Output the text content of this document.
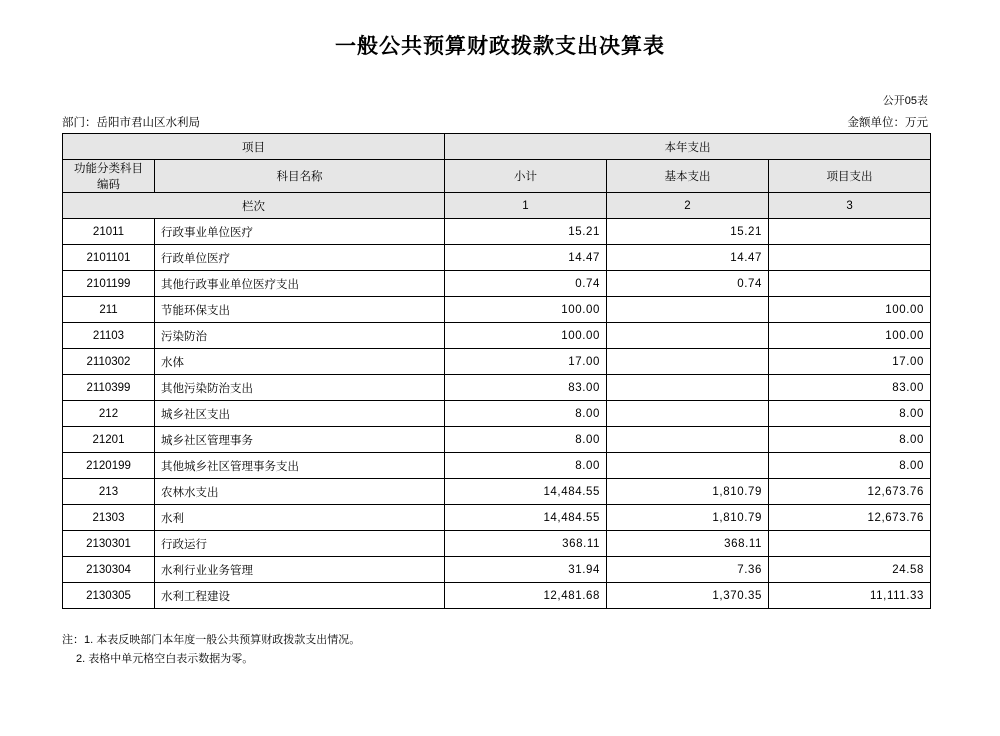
一般公共预算财政拨款支出决算表
公开05表
部门：岳阳市君山区水利局	金额单位：万元
项目		本年支出		
功能分类科目编码	科目名称	小计	基本支出	项目支出
栏次		1	2	3
21011	行政事业单位医疗	15.21	15.21	
2101101	行政单位医疗	14.47	14.47	
2101199	其他行政事业单位医疗支出	0.74	0.74	
211	节能环保支出	100.00		100.00
21103	污染防治	100.00		100.00
2110302	水体	17.00		17.00
2110399	其他污染防治支出	83.00		83.00
212	城乡社区支出	8.00		8.00
21201	城乡社区管理事务	8.00		8.00
2120199	其他城乡社区管理事务支出	8.00		8.00
213	农林水支出	14,484.55	1,810.79	12,673.76
21303	水利	14,484.55	1,810.79	12,673.76
2130301	行政运行	368.11	368.11	
2130304	水利行业业务管理	31.94	7.36	24.58
2130305	水利工程建设	12,481.68	1,370.35	11,111.33
注：1. 本表反映部门本年度一般公共预算财政拨款支出情况。
2. 表格中单元格空白表示数据为零。
